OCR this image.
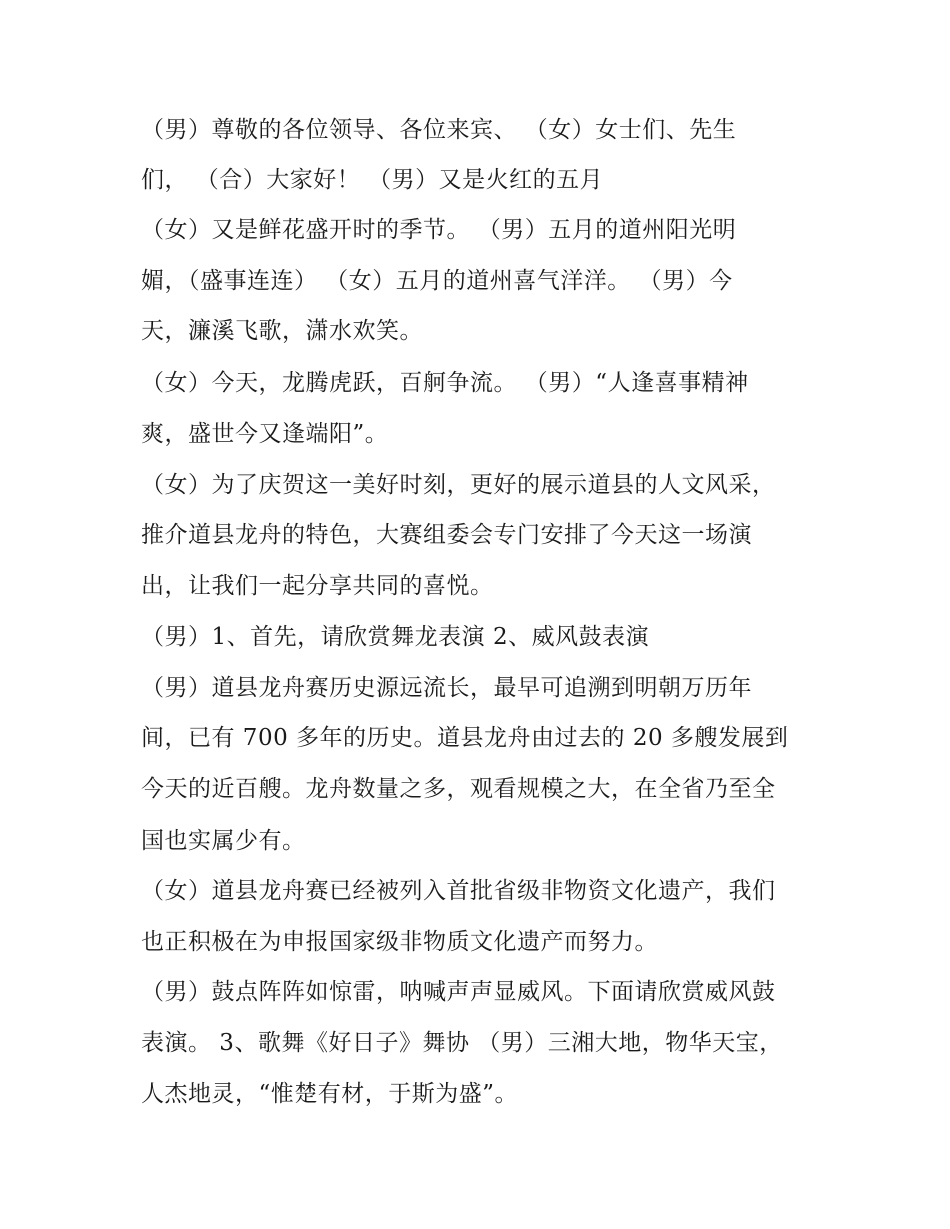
（男）尊敬的各位领导、各位来宾、 （女）女士们、先生
们， （合）大家好！ （男）又是火红的五月
（女）又是鲜花盛开时的季节。 （男）五月的道州阳光明
媚，（盛事连连） （女）五月的道州喜气洋洋。 （男）今
天，濂溪飞歌，潇水欢笑。
（女）今天，龙腾虎跃，百舸争流。 （男）“人逢喜事精神
爽，盛世今又逢端阳”。
（女）为了庆贺这一美好时刻，更好的展示道县的人文风采，
推介道县龙舟的特色，大赛组委会专门安排了今天这一场演
出，让我们一起分享共同的喜悦。
（男）1、首先，请欣赏舞龙表演 2、威风鼓表演
（男）道县龙舟赛历史源远流长，最早可追溯到明朝万历年
间，已有 700 多年的历史。道县龙舟由过去的 20 多艘发展到
今天的近百艘。龙舟数量之多，观看规模之大，在全省乃至全
国也实属少有。
（女）道县龙舟赛已经被列入首批省级非物资文化遗产，我们
也正积极在为申报国家级非物质文化遗产而努力。
（男）鼓点阵阵如惊雷，呐喊声声显威风。下面请欣赏威风鼓
表演。 3、歌舞《好日子》舞协 （男）三湘大地，物华天宝，
人杰地灵，“惟楚有材，于斯为盛”。
